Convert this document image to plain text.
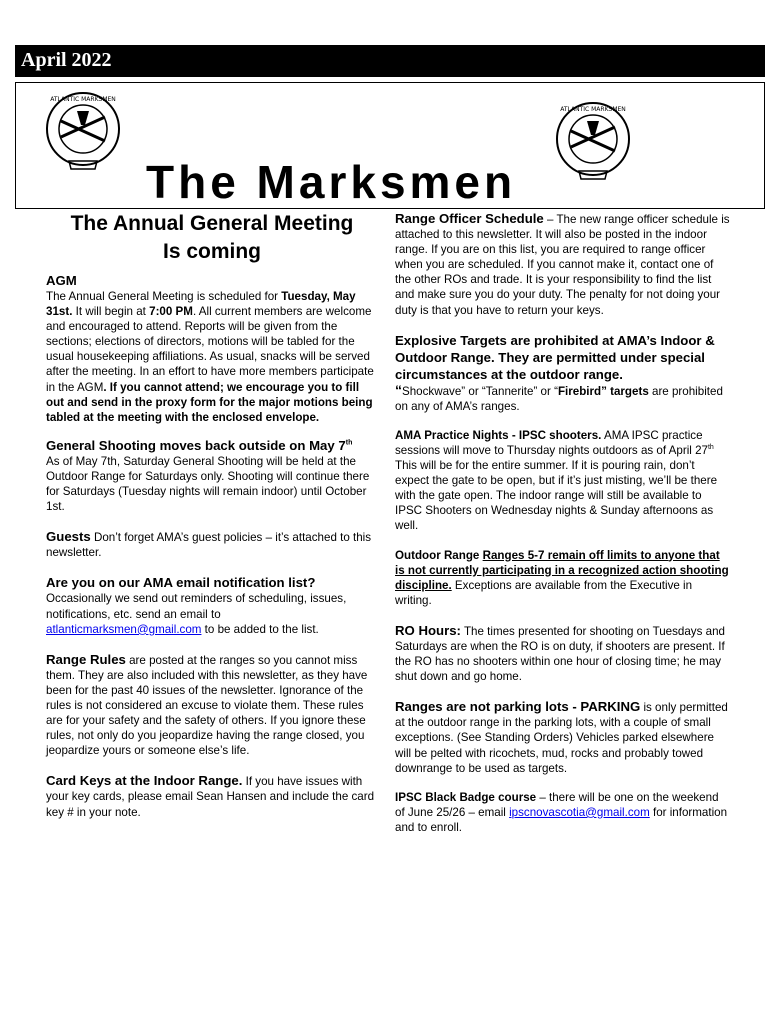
April 2022
ATLANTIC MARKSMEN
ATLANTIC MARKSMEN
The Marksmen
The Annual General Meeting
Is coming
AGM
The Annual General Meeting is scheduled for Tuesday, May 31st. It will begin at 7:00 PM. All current members are welcome and encouraged to attend. Reports will be given from the sections; elections of directors, motions will be tabled for the usual housekeeping affiliations. As usual, snacks will be served after the meeting. In an effort to have more members participate in the AGM. If you cannot attend; we encourage you to fill out and send in the proxy form for the major motions being tabled at the meeting with the enclosed envelope.
General Shooting moves back outside on May 7th
As of May 7th, Saturday General Shooting will be held at the Outdoor Range for Saturdays only. Shooting will continue there for Saturdays (Tuesday nights will remain indoor) until October 1st.
Guests Don’t forget AMA’s guest policies – it’s attached to this newsletter.
Are you on our AMA email notification list?
Occasionally we send out reminders of scheduling, issues, notifications, etc. send an email to atlanticmarksmen@gmail.com to be added to the list.
Range Rules are posted at the ranges so you cannot miss them. They are also included with this newsletter, as they have been for the past 40 issues of the newsletter. Ignorance of the rules is not considered an excuse to violate them. These rules are for your safety and the safety of others. If you ignore these rules, not only do you jeopardize having the range closed, you jeopardize yours or someone else’s life.
Card Keys at the Indoor Range. If you have issues with your key cards, please email Sean Hansen and include the card key # in your note.
Range Officer Schedule – The new range officer schedule is attached to this newsletter. It will also be posted in the indoor range. If you are on this list, you are required to range officer when you are scheduled. If you cannot make it, contact one of the other ROs and trade. It is your responsibility to find the list and make sure you do your duty. The penalty for not doing your duty is that you have to return your keys.
Explosive Targets are prohibited at AMA’s Indoor & Outdoor Range. They are permitted under special circumstances at the outdoor range.
“Shockwave” or “Tannerite” or “Firebird” targets are prohibited on any of AMA’s ranges.
AMA Practice Nights - IPSC shooters. AMA IPSC practice sessions will move to Thursday nights outdoors as of April 27th This will be for the entire summer. If it is pouring rain, don’t expect the gate to be open, but if it’s just misting, we’ll be there with the gate open. The indoor range will still be available to IPSC Shooters on Wednesday nights & Sunday afternoons as well.
Outdoor Range Ranges 5-7 remain off limits to anyone that is not currently participating in a recognized action shooting discipline. Exceptions are available from the Executive in writing.
RO Hours: The times presented for shooting on Tuesdays and Saturdays are when the RO is on duty, if shooters are present. If the RO has no shooters within one hour of closing time; he may shut down and go home.
Ranges are not parking lots - PARKING is only permitted at the outdoor range in the parking lots, with a couple of small exceptions. (See Standing Orders) Vehicles parked elsewhere will be pelted with ricochets, mud, rocks and probably towed downrange to be used as targets.
IPSC Black Badge course – there will be one on the weekend of June 25/26 – email ipscnovascotia@gmail.com for information and to enroll.
